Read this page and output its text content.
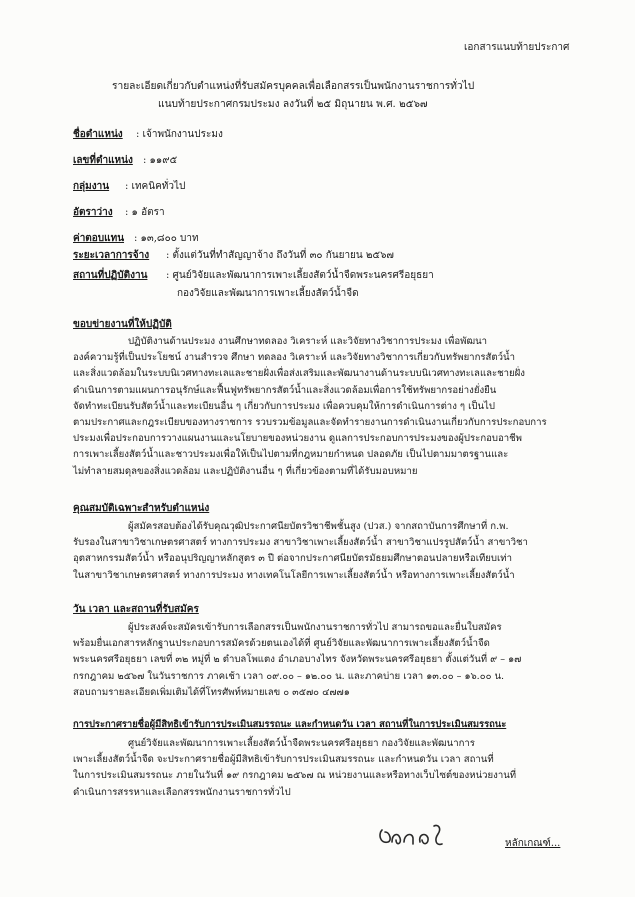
เอกสารแนบท้ายประกาศ
รายละเอียดเกี่ยวกับตำแหน่งที่รับสมัครบุคคลเพื่อเลือกสรรเป็นพนักงานราชการทั่วไป
แนบท้ายประกาศกรมประมง ลงวันที่ ๒๕ มิถุนายน พ.ศ. ๒๕๖๗
ชื่อตำแหน่ง : เจ้าพนักงานประมง
เลขที่ตำแหน่ง : ๑๑๙๕
กลุ่มงาน : เทคนิคทั่วไป
อัตราว่าง : ๑ อัตรา
ค่าตอบแทน : ๑๓,๘๐๐ บาท
ระยะเวลาการจ้าง : ตั้งแต่วันที่ทำสัญญาจ้าง ถึงวันที่ ๓๐ กันยายน ๒๕๖๗
สถานที่ปฏิบัติงาน : ศูนย์วิจัยและพัฒนาการเพาะเลี้ยงสัตว์น้ำจืดพระนครศรีอยุธยา
กองวิจัยและพัฒนาการเพาะเลี้ยงสัตว์น้ำจืด
ขอบข่ายงานที่ให้ปฏิบัติ
ปฏิบัติงานด้านประมง งานศึกษาทดลอง วิเคราะห์ และวิจัยทางวิชาการประมง เพื่อพัฒนา
องค์ความรู้ที่เป็นประโยชน์ งานสำรวจ ศึกษา ทดลอง วิเคราะห์ และวิจัยทางวิชาการเกี่ยวกับทรัพยากรสัตว์น้ำ
และสิ่งแวดล้อมในระบบนิเวศทางทะเลและชายฝั่งเพื่อส่งเสริมและพัฒนางานด้านระบบนิเวศทางทะเลและชายฝั่ง
ดำเนินการตามแผนการอนุรักษ์และฟื้นฟูทรัพยากรสัตว์น้ำและสิ่งแวดล้อมเพื่อการใช้ทรัพยากรอย่างยั่งยืน
จัดทำทะเบียนรับสัตว์น้ำและทะเบียนอื่น ๆ เกี่ยวกับการประมง เพื่อควบคุมให้การดำเนินการต่าง ๆ เป็นไป
ตามประกาศและกฎระเบียบของทางราชการ รวบรวมข้อมูลและจัดทำรายงานการดำเนินงานเกี่ยวกับการประกอบการ
ประมงเพื่อประกอบการวางแผนงานและนโยบายของหน่วยงาน ดูแลการประกอบการประมงของผู้ประกอบอาชีพ
การเพาะเลี้ยงสัตว์น้ำและชาวประมงเพื่อให้เป็นไปตามที่กฎหมายกำหนด ปลอดภัย เป็นไปตามมาตรฐานและ
ไม่ทำลายสมดุลของสิ่งแวดล้อม และปฏิบัติงานอื่น ๆ ที่เกี่ยวข้องตามที่ได้รับมอบหมาย
คุณสมบัติเฉพาะสำหรับตำแหน่ง
ผู้สมัครสอบต้องได้รับคุณวุฒิประกาศนียบัตรวิชาชีพชั้นสูง (ปวส.) จากสถาบันการศึกษาที่ ก.พ.
รับรองในสาขาวิชาเกษตรศาสตร์ ทางการประมง สาขาวิชาเพาะเลี้ยงสัตว์น้ำ สาขาวิชาแปรรูปสัตว์น้ำ สาขาวิชา
อุตสาหกรรมสัตว์น้ำ หรืออนุปริญญาหลักสูตร ๓ ปี ต่อจากประกาศนียบัตรมัธยมศึกษาตอนปลายหรือเทียบเท่า
ในสาขาวิชาเกษตรศาสตร์ ทางการประมง ทางเทคโนโลยีการเพาะเลี้ยงสัตว์น้ำ หรือทางการเพาะเลี้ยงสัตว์น้ำ
วัน เวลา และสถานที่รับสมัคร
ผู้ประสงค์จะสมัครเข้ารับการเลือกสรรเป็นพนักงานราชการทั่วไป สามารถขอและยื่นใบสมัคร
พร้อมยื่นเอกสารหลักฐานประกอบการสมัครด้วยตนเองได้ที่ ศูนย์วิจัยและพัฒนาการเพาะเลี้ยงสัตว์น้ำจืด
พระนครศรีอยุธยา เลขที่ ๓๒ หมู่ที่ ๒ ตำบลโพแตง อำเภอบางไทร จังหวัดพระนครศรีอยุธยา ตั้งแต่วันที่ ๙ – ๑๗
กรกฎาคม ๒๕๖๗ ในวันราชการ ภาคเช้า เวลา ๐๙.๐๐ – ๑๒.๐๐ น. และภาคบ่าย เวลา ๑๓.๐๐ – ๑๖.๐๐ น.
สอบถามรายละเอียดเพิ่มเติมได้ที่โทรศัพท์หมายเลข ๐ ๓๕๗๐ ๔๗๗๑
การประกาศรายชื่อผู้มีสิทธิเข้ารับการประเมินสมรรถนะ และกำหนดวัน เวลา สถานที่ในการประเมินสมรรถนะ
ศูนย์วิจัยและพัฒนาการเพาะเลี้ยงสัตว์น้ำจืดพระนครศรีอยุธยา กองวิจัยและพัฒนาการ
เพาะเลี้ยงสัตว์น้ำจืด จะประกาศรายชื่อผู้มีสิทธิเข้ารับการประเมินสมรรถนะ และกำหนดวัน เวลา สถานที่
ในการประเมินสมรรถนะ ภายในวันที่ ๑๙ กรกฎาคม ๒๕๖๗ ณ หน่วยงานและหรือทางเว็บไซต์ของหน่วยงานที่
ดำเนินการสรรหาและเลือกสรรพนักงานราชการทั่วไป
หลักเกณฑ์...
